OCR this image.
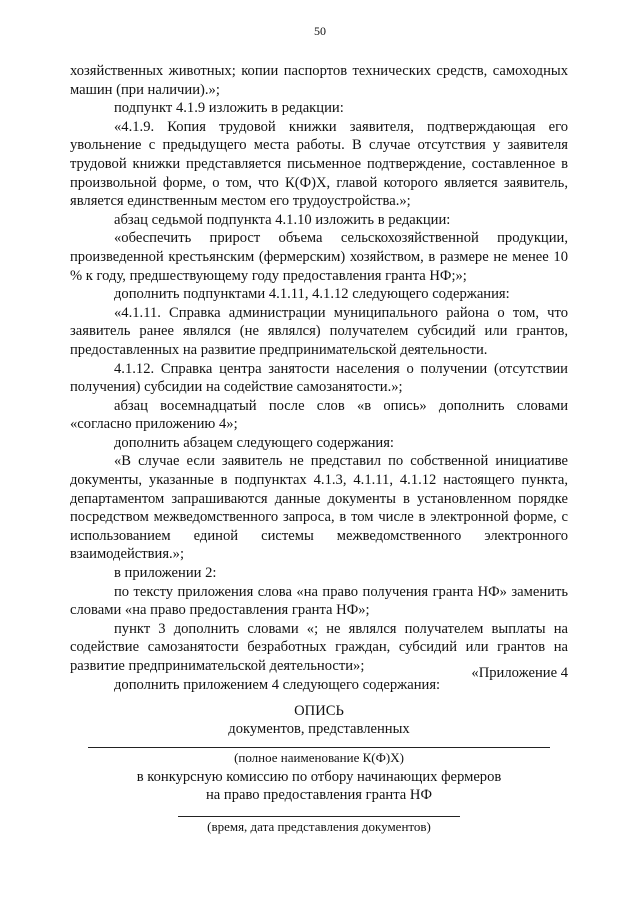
50

хозяйственных животных; копии паспортов технических средств, самоходных машин (при наличии).»;

подпункт 4.1.9 изложить в редакции:

«4.1.9. Копия трудовой книжки заявителя, подтверждающая его увольнение с предыдущего места работы. В случае отсутствия у заявителя трудовой книжки представляется письменное подтверждение, составленное в произвольной форме, о том, что К(Ф)Х, главой которого является заявитель, является единственным местом его трудоустройства.»;

абзац седьмой подпункта 4.1.10 изложить в редакции:

«обеспечить прирост объема сельскохозяйственной продукции, произведенной крестьянским (фермерским) хозяйством, в размере не менее 10 % к году, предшествующему году предоставления гранта НФ;»;

дополнить подпунктами 4.1.11, 4.1.12 следующего содержания:

«4.1.11. Справка администрации муниципального района о том, что заявитель ранее являлся (не являлся) получателем субсидий или грантов, предоставленных на развитие предпринимательской деятельности.

4.1.12. Справка центра занятости населения о получении (отсутствии получения) субсидии на содействие самозанятости.»;

абзац восемнадцатый после слов «в опись» дополнить словами «согласно приложению 4»;

дополнить абзацем следующего содержания:

«В случае если заявитель не представил по собственной инициативе документы, указанные в подпунктах 4.1.3, 4.1.11, 4.1.12 настоящего пункта, департаментом запрашиваются данные документы в установленном порядке посредством межведомственного запроса, в том числе в электронной форме, с использованием единой системы межведомственного электронного взаимодействия.»;

в приложении 2:

по тексту приложения слова «на право получения гранта НФ» заменить словами «на право предоставления гранта НФ»;

пункт 3 дополнить словами «; не являлся получателем выплаты на содействие самозанятости безработных граждан, субсидий или грантов на развитие предпринимательской деятельности»;

дополнить приложением 4 следующего содержания:

«Приложение 4

ОПИСЬ

документов, представленных

(полное наименование К(Ф)Х)

в конкурсную комиссию по отбору начинающих фермеров

на право предоставления гранта НФ

(время, дата представления документов)
